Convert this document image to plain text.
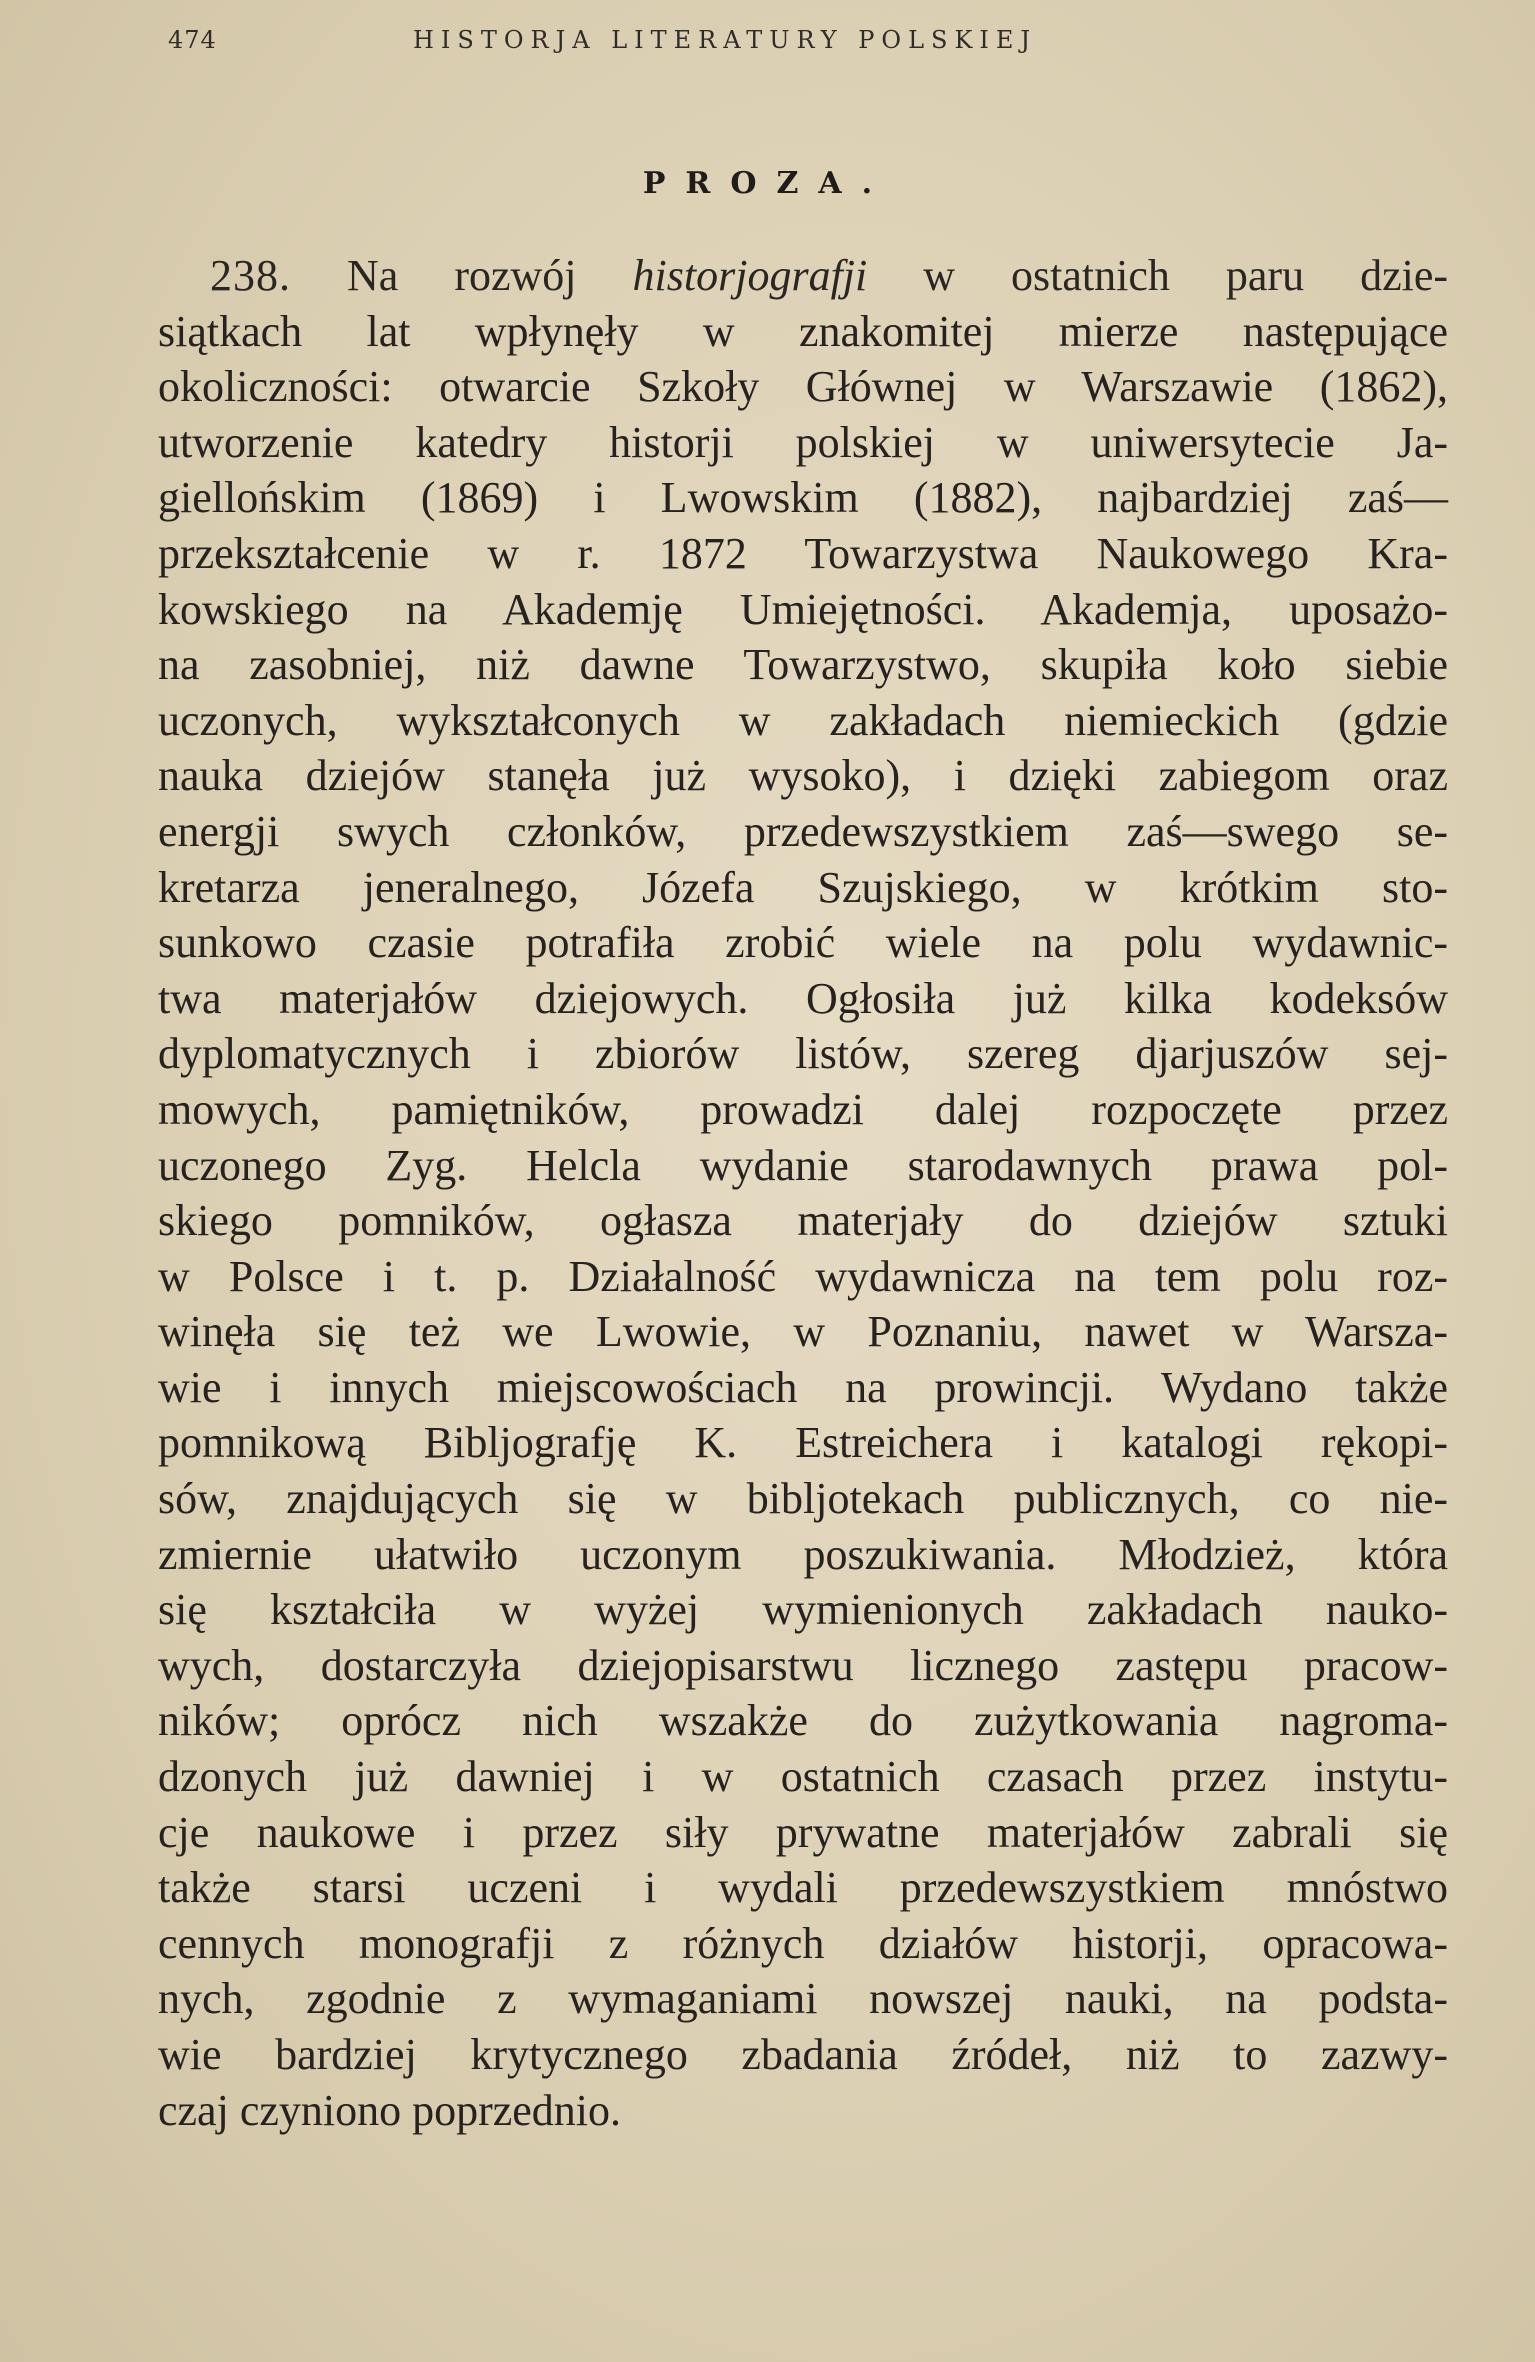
474	HISTORJA LITERATURY POLSKIEJ
PROZA.
238. Na rozwój historjografji w ostatnich paru dzie-
siątkach lat wpłynęły w znakomitej mierze następujące
okoliczności: otwarcie Szkoły Głównej w Warszawie (1862),
utworzenie katedry historji polskiej w uniwersytecie Ja-
giellońskim (1869) i Lwowskim (1882), najbardziej zaś—
przekształcenie w r. 1872 Towarzystwa Naukowego Kra-
kowskiego na Akademję Umiejętności. Akademja, uposażo-
na zasobniej, niż dawne Towarzystwo, skupiła koło siebie
uczonych, wykształconych w zakładach niemieckich (gdzie
nauka dziejów stanęła już wysoko), i dzięki zabiegom oraz
energji swych członków, przedewszystkiem zaś—swego se-
kretarza jeneralnego, Józefa Szujskiego, w krótkim sto-
sunkowo czasie potrafiła zrobić wiele na polu wydawnic-
twa materjałów dziejowych. Ogłosiła już kilka kodeksów
dyplomatycznych i zbiorów listów, szereg djarjuszów sej-
mowych, pamiętników, prowadzi dalej rozpoczęte przez
uczonego Zyg. Helcla wydanie starodawnych prawa pol-
skiego pomników, ogłasza materjały do dziejów sztuki
w Polsce i t. p. Działalność wydawnicza na tem polu roz-
winęła się też we Lwowie, w Poznaniu, nawet w Warsza-
wie i innych miejscowościach na prowincji. Wydano także
pomnikową Bibljografję K. Estreichera i katalogi rękopi-
sów, znajdujących się w bibljotekach publicznych, co nie-
zmiernie ułatwiło uczonym poszukiwania. Młodzież, która
się kształciła w wyżej wymienionych zakładach nauko-
wych, dostarczyła dziejopisarstwu licznego zastępu pracow-
ników; oprócz nich wszakże do zużytkowania nagroma-
dzonych już dawniej i w ostatnich czasach przez instytu-
cje naukowe i przez siły prywatne materjałów zabrali się
także starsi uczeni i wydali przedewszystkiem mnóstwo
cennych monografji z różnych działów historji, opracowa-
nych, zgodnie z wymaganiami nowszej nauki, na podsta-
wie bardziej krytycznego zbadania źródeł, niż to zazwy-
czaj czyniono poprzednio.
